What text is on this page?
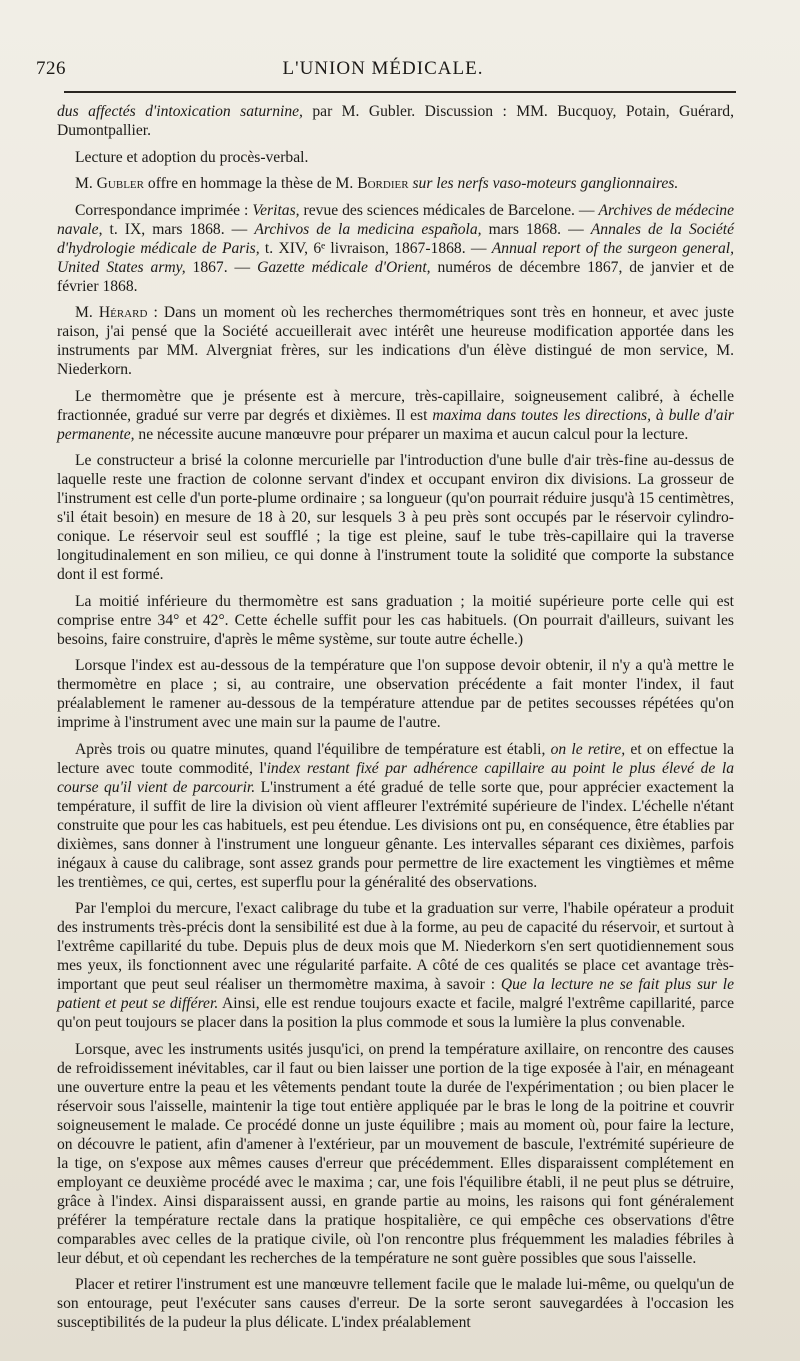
726	L'UNION MÉDICALE.

dus affectés d'intoxication saturnine, par M. Gubler. Discussion : MM. Bucquoy, Potain, Guérard, Dumontpallier.

Lecture et adoption du procès-verbal.

M. Gubler offre en hommage la thèse de M. Bordier sur les nerfs vaso-moteurs ganglionnaires.

Correspondance imprimée : Veritas, revue des sciences médicales de Barcelone. — Archives de médecine navale, t. IX, mars 1868. — Archivos de la medicina española, mars 1868. — Annales de la Société d'hydrologie médicale de Paris, t. XIV, 6ᵉ livraison, 1867-1868. — Annual report of the surgeon general, United States army, 1867. — Gazette médicale d'Orient, numéros de décembre 1867, de janvier et de février 1868.

M. Hérard : Dans un moment où les recherches thermométriques sont très en honneur, et avec juste raison, j'ai pensé que la Société accueillerait avec intérêt une heureuse modification apportée dans les instruments par MM. Alvergniat frères, sur les indications d'un élève distingué de mon service, M. Niederkorn.

Le thermomètre que je présente est à mercure, très-capillaire, soigneusement calibré, à échelle fractionnée, gradué sur verre par degrés et dixièmes. Il est maxima dans toutes les directions, à bulle d'air permanente, ne nécessite aucune manœuvre pour préparer un maxima et aucun calcul pour la lecture.

Le constructeur a brisé la colonne mercurielle par l'introduction d'une bulle d'air très-fine au-dessus de laquelle reste une fraction de colonne servant d'index et occupant environ dix divisions. La grosseur de l'instrument est celle d'un porte-plume ordinaire ; sa longueur (qu'on pourrait réduire jusqu'à 15 centimètres, s'il était besoin) en mesure de 18 à 20, sur lesquels 3 à peu près sont occupés par le réservoir cylindro-conique. Le réservoir seul est soufflé ; la tige est pleine, sauf le tube très-capillaire qui la traverse longitudinalement en son milieu, ce qui donne à l'instrument toute la solidité que comporte la substance dont il est formé.

La moitié inférieure du thermomètre est sans graduation ; la moitié supérieure porte celle qui est comprise entre 34° et 42°. Cette échelle suffit pour les cas habituels. (On pourrait d'ailleurs, suivant les besoins, faire construire, d'après le même système, sur toute autre échelle.)

Lorsque l'index est au-dessous de la température que l'on suppose devoir obtenir, il n'y a qu'à mettre le thermomètre en place ; si, au contraire, une observation précédente a fait monter l'index, il faut préalablement le ramener au-dessous de la température attendue par de petites secousses répétées qu'on imprime à l'instrument avec une main sur la paume de l'autre.

Après trois ou quatre minutes, quand l'équilibre de température est établi, on le retire, et on effectue la lecture avec toute commodité, l'index restant fixé par adhérence capillaire au point le plus élevé de la course qu'il vient de parcourir. L'instrument a été gradué de telle sorte que, pour apprécier exactement la température, il suffit de lire la division où vient affleurer l'extrémité supérieure de l'index. L'échelle n'étant construite que pour les cas habituels, est peu étendue. Les divisions ont pu, en conséquence, être établies par dixièmes, sans donner à l'instrument une longueur gênante. Les intervalles séparant ces dixièmes, parfois inégaux à cause du calibrage, sont assez grands pour permettre de lire exactement les vingtièmes et même les trentièmes, ce qui, certes, est superflu pour la généralité des observations.

Par l'emploi du mercure, l'exact calibrage du tube et la graduation sur verre, l'habile opérateur a produit des instruments très-précis dont la sensibilité est due à la forme, au peu de capacité du réservoir, et surtout à l'extrême capillarité du tube. Depuis plus de deux mois que M. Niederkorn s'en sert quotidiennement sous mes yeux, ils fonctionnent avec une régularité parfaite. A côté de ces qualités se place cet avantage très-important que peut seul réaliser un thermomètre maxima, à savoir : Que la lecture ne se fait plus sur le patient et peut se différer. Ainsi, elle est rendue toujours exacte et facile, malgré l'extrême capillarité, parce qu'on peut toujours se placer dans la position la plus commode et sous la lumière la plus convenable.

Lorsque, avec les instruments usités jusqu'ici, on prend la température axillaire, on rencontre des causes de refroidissement inévitables, car il faut ou bien laisser une portion de la tige exposée à l'air, en ménageant une ouverture entre la peau et les vêtements pendant toute la durée de l'expérimentation ; ou bien placer le réservoir sous l'aisselle, maintenir la tige tout entière appliquée par le bras le long de la poitrine et couvrir soigneusement le malade. Ce procédé donne un juste équilibre ; mais au moment où, pour faire la lecture, on découvre le patient, afin d'amener à l'extérieur, par un mouvement de bascule, l'extrémité supérieure de la tige, on s'expose aux mêmes causes d'erreur que précédemment. Elles disparaissent complétement en employant ce deuxième procédé avec le maxima ; car, une fois l'équilibre établi, il ne peut plus se détruire, grâce à l'index. Ainsi disparaissent aussi, en grande partie au moins, les raisons qui font généralement préférer la température rectale dans la pratique hospitalière, ce qui empêche ces observations d'être comparables avec celles de la pratique civile, où l'on rencontre plus fréquemment les maladies fébriles à leur début, et où cependant les recherches de la température ne sont guère possibles que sous l'aisselle.

Placer et retirer l'instrument est une manœuvre tellement facile que le malade lui-même, ou quelqu'un de son entourage, peut l'exécuter sans causes d'erreur. De la sorte seront sauvegardées à l'occasion les susceptibilités de la pudeur la plus délicate. L'index préalablement
